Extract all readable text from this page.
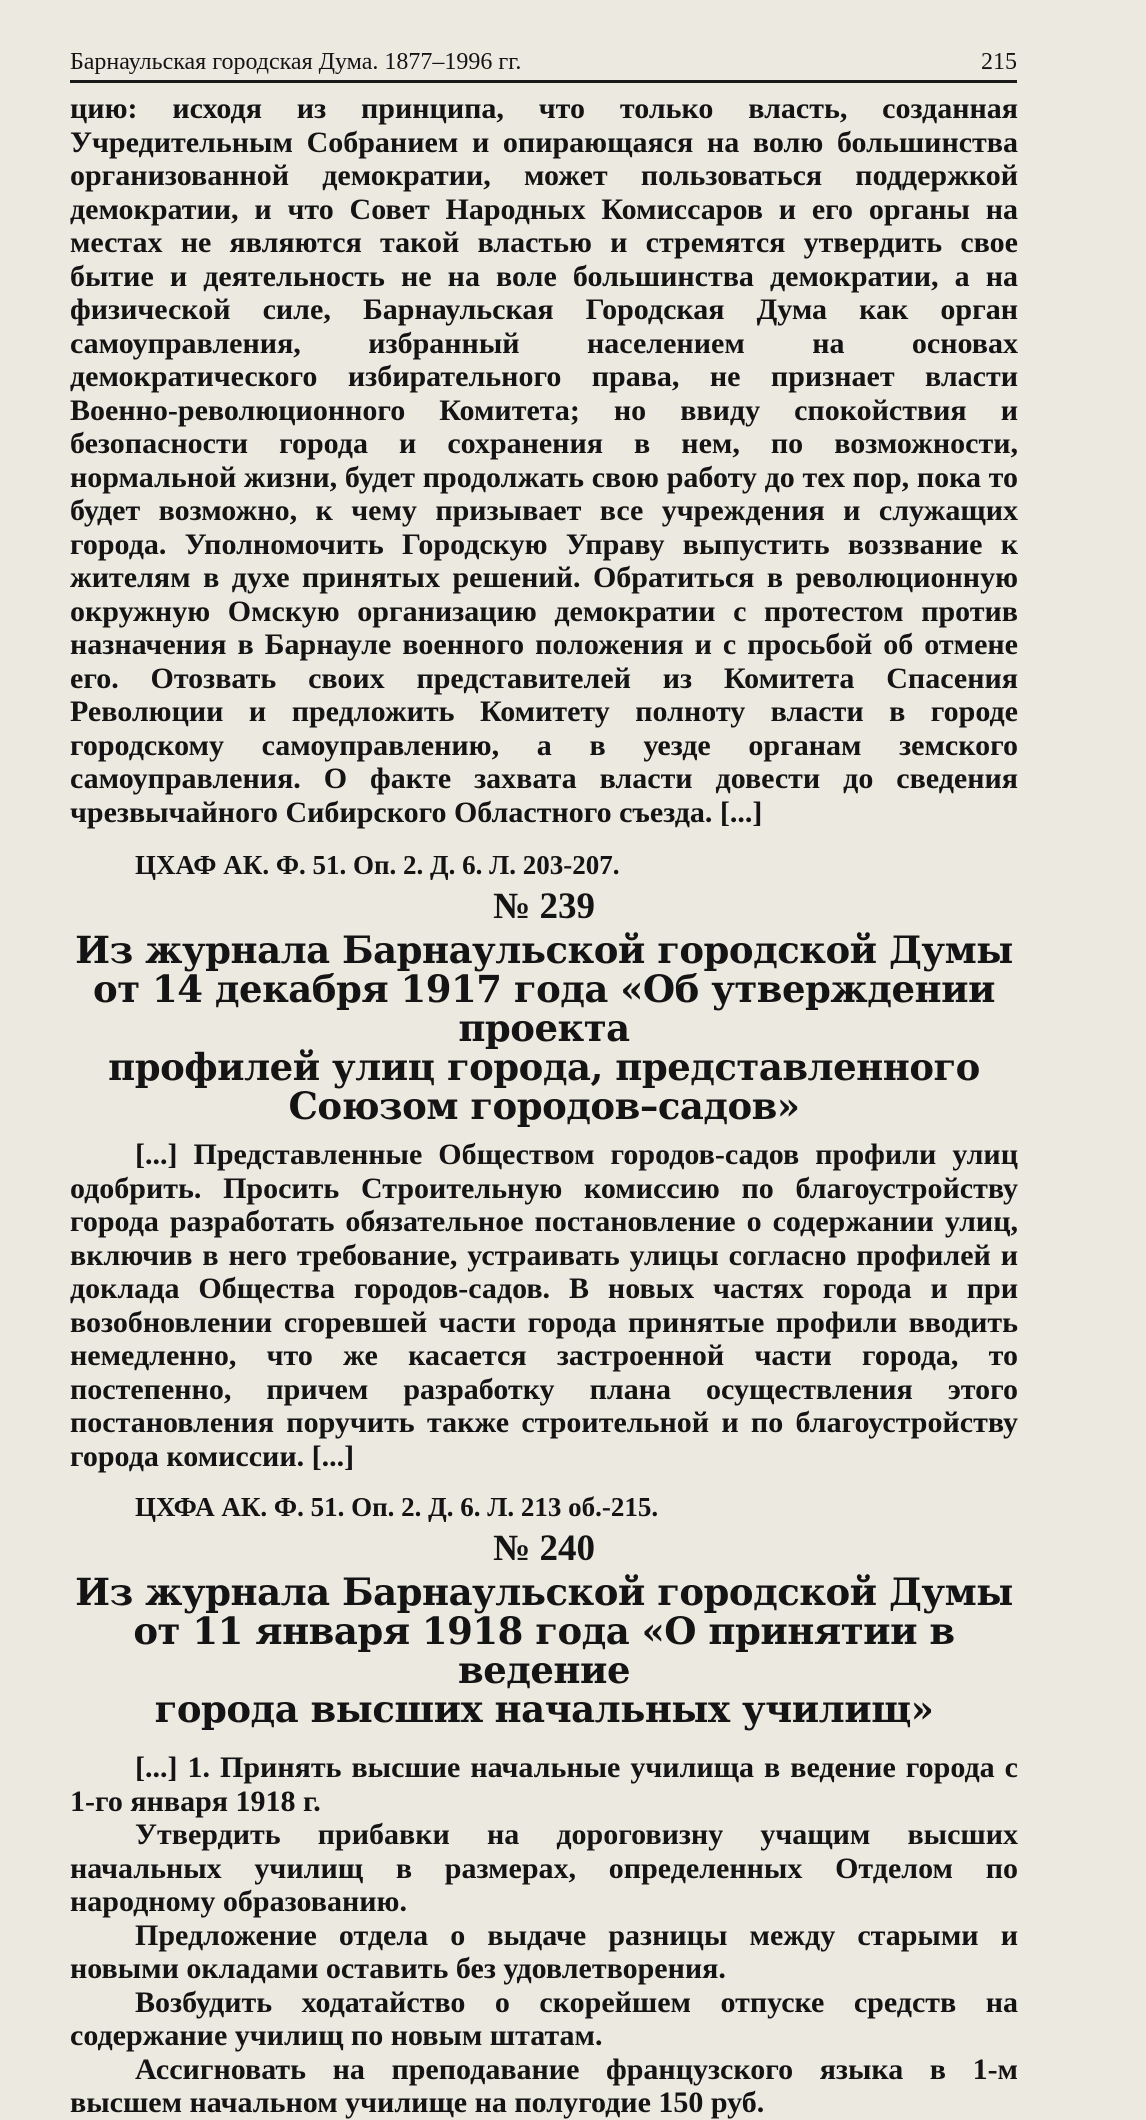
Барнаульская городская Дума. 1877–1996 гг.	215

цию: исходя из принципа, что только власть, созданная Учредительным Собранием и опирающаяся на волю большинства организованной демократии, может пользоваться поддержкой демократии, и что Совет Народных Комиссаров и его органы на местах не являются такой властью и стремятся утвердить свое бытие и деятельность не на воле большинства демократии, а на физической силе, Барнаульская Городская Дума как орган самоуправления, избранный населением на основах демократического избирательного права, не признает власти Военно-революционного Комитета; но ввиду спокойствия и безопасности города и сохранения в нем, по возможности, нормальной жизни, будет продолжать свою работу до тех пор, пока то будет возможно, к чему призывает все учреждения и служащих города. Уполномочить Городскую Управу выпустить воззвание к жителям в духе принятых решений. Обратиться в революционную окружную Омскую организацию демократии с протестом против назначения в Барнауле военного положения и с просьбой об отмене его. Отозвать своих представителей из Комитета Спасения Революции и предложить Комитету полноту власти в городе городскому самоуправлению, а в уезде органам земского самоуправления. О факте захвата власти довести до сведения чрезвычайного Сибирского Областного съезда. [...]

ЦХАФ АК. Ф. 51. Оп. 2. Д. 6. Л. 203-207.

№ 239
Из журнала Барнаульской городской Думы
от 14 декабря 1917 года «Об утверждении проекта
профилей улиц города, представленного
Союзом городов–садов»

[...] Представленные Обществом городов-садов профили улиц одобрить. Просить Строительную комиссию по благоустройству города разработать обязательное постановление о содержании улиц, включив в него требование, устраивать улицы согласно профилей и доклада Общества городов-садов. В новых частях города и при возобновлении сгоревшей части города принятые профили вводить немедленно, что же касается застроенной части города, то постепенно, причем разработку плана осуществления этого постановления поручить также строительной и по благоустройству города комиссии. [...]

ЦХФА АК. Ф. 51. Оп. 2. Д. 6. Л. 213 об.-215.

№ 240
Из журнала Барнаульской городской Думы
от 11 января 1918 года «О принятии в ведение
города высших начальных училищ»

[...] 1. Принять высшие начальные училища в ведение города с 1-го января 1918 г.

Утвердить прибавки на дороговизну учащим высших начальных училищ в размерах, определенных Отделом по народному образованию.

Предложение отдела о выдаче разницы между старыми и новыми окладами оставить без удовлетворения.

Возбудить ходатайство о скорейшем отпуске средств на содержание училищ по новым штатам.

Ассигновать на преподавание французского языка в 1-м высшем начальном училище на полугодие 150 руб.
